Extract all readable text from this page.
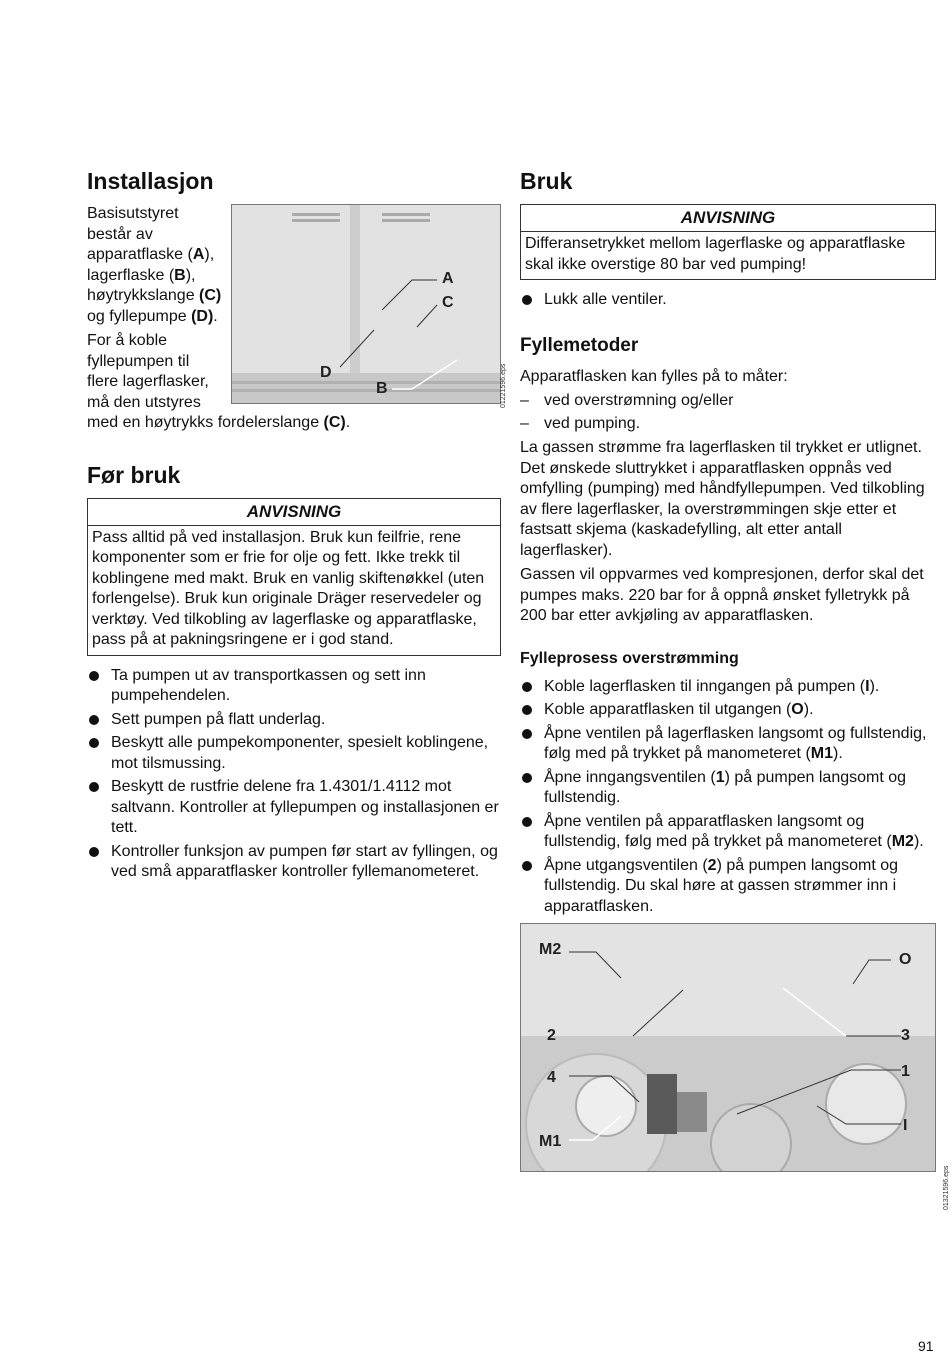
Installasjon
A
C
D
B

Basisutstyret består av apparatflaske (A), lagerflaske (B), høytrykkslange (C) og fyllepumpe (D).

For å koble fyllepumpen til flere lagerflasker, må den utstyres med en høytrykks fordelerslange (C).

Før bruk
ANVISNING
Pass alltid på ved installasjon. Bruk kun feilfrie, rene komponenter som er frie for olje og fett. Ikke trekk til koblingene med makt. Bruk en vanlig skiftenøkkel (uten forlengelse). Bruk kun originale Dräger reservedeler og verktøy. Ved tilkobling av lagerflaske og apparatflaske, pass på at pakningsringene er i god stand.
Ta pumpen ut av transportkassen og sett inn pumpehendelen.
Sett pumpen på flatt underlag.
Beskytt alle pumpekomponenter, spesielt koblingene, mot tilsmussing.
Beskytt de rustfrie delene fra 1.4301/1.4112 mot saltvann. Kontroller at fyllepumpen og installasjonen er tett.
Kontroller funksjon av pumpen før start av fyllingen, og ved små apparatflasker kontroller fyllemanometeret.
01221596.eps
Bruk
ANVISNING
Differansetrykket mellom lagerflaske og apparatflaske skal ikke overstige 80 bar ved pumping!
Lukk alle ventiler.
Fyllemetoder

Apparatflasken kan fylles på to måter:

– ved overstrømning og/eller
– ved pumping.

La gassen strømme fra lagerflasken til trykket er utlignet. Det ønskede sluttrykket i apparatflasken oppnås ved omfylling (pumping) med håndfyllepumpen. Ved tilkobling av flere lagerflasker, la overstrømmingen skje etter et fastsatt skjema (kaskadefylling, alt etter antall lagerflasker).

Gassen vil oppvarmes ved kompresjonen, derfor skal det pumpes maks. 220 bar for å oppnå ønsket fylletrykk på 200 bar etter avkjøling av apparatflasken.

Fylleprosess overstrømming
Koble lagerflasken til inngangen på pumpen (I).
Koble apparatflasken til utgangen (O).
Åpne ventilen på lagerflasken langsomt og fullstendig, følg med på trykket på manometeret (M1).
Åpne inngangsventilen (1) på pumpen langsomt og fullstendig.
Åpne ventilen på apparatflasken langsomt og fullstendig, følg med på trykket på manometeret (M2).
Åpne utgangsventilen (2) på pumpen langsomt og fullstendig. Du skal høre at gassen strømmer inn i apparatflasken.
M2
O
2	3
1
4
I
M1
01321596.eps
91
